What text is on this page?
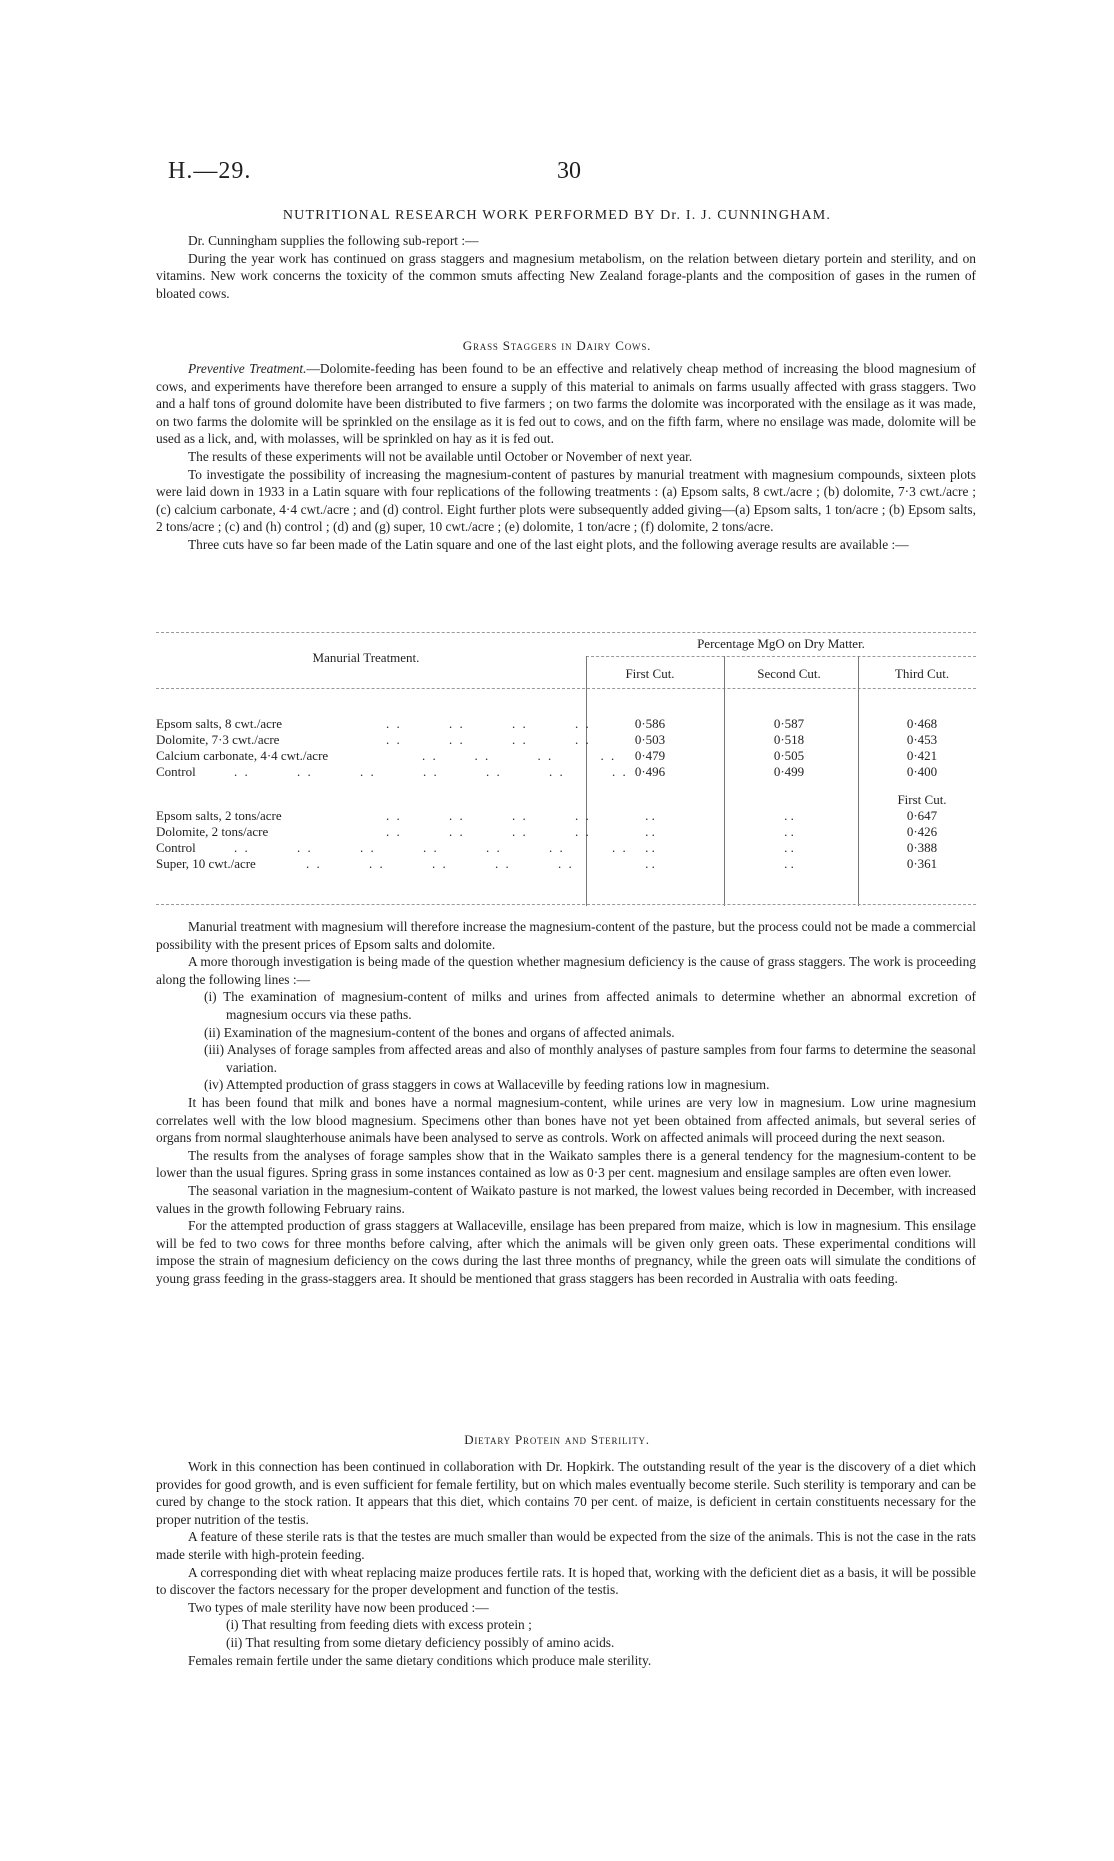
H.—29.	30
NUTRITIONAL RESEARCH WORK PERFORMED BY Dr. I. J. CUNNINGHAM.

Dr. Cunningham supplies the following sub-report :—

During the year work has continued on grass staggers and magnesium metabolism, on the relation between dietary portein and sterility, and on vitamins. New work concerns the toxicity of the common smuts affecting New Zealand forage-plants and the composition of gases in the rumen of bloated cows.

Grass Staggers in Dairy Cows.

Preventive Treatment.—Dolomite-feeding has been found to be an effective and relatively cheap method of increasing the blood magnesium of cows, and experiments have therefore been arranged to ensure a supply of this material to animals on farms usually affected with grass staggers. Two and a half tons of ground dolomite have been distributed to five farmers ; on two farms the dolomite was incorporated with the ensilage as it was made, on two farms the dolomite will be sprinkled on the ensilage as it is fed out to cows, and on the fifth farm, where no ensilage was made, dolomite will be used as a lick, and, with molasses, will be sprinkled on hay as it is fed out.

The results of these experiments will not be available until October or November of next year.

To investigate the possibility of increasing the magnesium-content of pastures by manurial treatment with magnesium compounds, sixteen plots were laid down in 1933 in a Latin square with four replications of the following treatments : (a) Epsom salts, 8 cwt./acre ; (b) dolomite, 7·3 cwt./acre ; (c) calcium carbonate, 4·4 cwt./acre ; and (d) control. Eight further plots were subsequently added giving—(a) Epsom salts, 1 ton/acre ; (b) Epsom salts, 2 tons/acre ; (c) and (h) control ; (d) and (g) super, 10 cwt./acre ; (e) dolomite, 1 ton/acre ; (f) dolomite, 2 tons/acre.

Three cuts have so far been made of the Latin square and one of the last eight plots, and the following average results are available :—

Manurial Treatment.
Percentage MgO on Dry Matter.
First Cut.	Second Cut.	Third Cut.
Epsom salts, 8 cwt./acre	. .         . .         . .         . .	0·586	0·587	0·468
Dolomite, 7·3 cwt./acre	. .         . .         . .         . .	0·503	0·518	0·453
Calcium carbonate, 4·4 cwt./acre	. .       . .         . .         . .	0·479	0·505	0·421
Control	. .         . .         . .         . .         . .         . .         . . 0·496	0·499	0·400
First Cut.
Epsom salts, 2 tons/acre	. .         . .         . .         . .	. .	. .	0·647
Dolomite, 2 tons/acre	. .         . .         . .         . .	. .	. .	0·426
Control	. .         . .         . .         . .         . .         . .         . .	. .	. .	0·388
Super, 10 cwt./acre	. .         . .         . .         . .         . .	. .	. .	0·361

Manurial treatment with magnesium will therefore increase the magnesium-content of the pasture, but the process could not be made a commercial possibility with the present prices of Epsom salts and dolomite.

A more thorough investigation is being made of the question whether magnesium deficiency is the cause of grass staggers. The work is proceeding along the following lines :—

(i) The examination of magnesium-content of milks and urines from affected animals to determine whether an abnormal excretion of magnesium occurs via these paths.

(ii) Examination of the magnesium-content of the bones and organs of affected animals.

(iii) Analyses of forage samples from affected areas and also of monthly analyses of pasture samples from four farms to determine the seasonal variation.

(iv) Attempted production of grass staggers in cows at Wallaceville by feeding rations low in magnesium.

It has been found that milk and bones have a normal magnesium-content, while urines are very low in magnesium. Low urine magnesium correlates well with the low blood magnesium. Specimens other than bones have not yet been obtained from affected animals, but several series of organs from normal slaughterhouse animals have been analysed to serve as controls. Work on affected animals will proceed during the next season.

The results from the analyses of forage samples show that in the Waikato samples there is a general tendency for the magnesium-content to be lower than the usual figures. Spring grass in some instances contained as low as 0·3 per cent. magnesium and ensilage samples are often even lower.

The seasonal variation in the magnesium-content of Waikato pasture is not marked, the lowest values being recorded in December, with increased values in the growth following February rains.

For the attempted production of grass staggers at Wallaceville, ensilage has been prepared from maize, which is low in magnesium. This ensilage will be fed to two cows for three months before calving, after which the animals will be given only green oats. These experimental conditions will impose the strain of magnesium deficiency on the cows during the last three months of pregnancy, while the green oats will simulate the conditions of young grass feeding in the grass-staggers area. It should be mentioned that grass staggers has been recorded in Australia with oats feeding.

Dietary Protein and Sterility.

Work in this connection has been continued in collaboration with Dr. Hopkirk. The outstanding result of the year is the discovery of a diet which provides for good growth, and is even sufficient for female fertility, but on which males eventually become sterile. Such sterility is temporary and can be cured by change to the stock ration. It appears that this diet, which contains 70 per cent. of maize, is deficient in certain constituents necessary for the proper nutrition of the testis.

A feature of these sterile rats is that the testes are much smaller than would be expected from the size of the animals. This is not the case in the rats made sterile with high-protein feeding.

A corresponding diet with wheat replacing maize produces fertile rats. It is hoped that, working with the deficient diet as a basis, it will be possible to discover the factors necessary for the proper development and function of the testis.

Two types of male sterility have now been produced :—

(i) That resulting from feeding diets with excess protein ;

(ii) That resulting from some dietary deficiency possibly of amino acids.

Females remain fertile under the same dietary conditions which produce male sterility.
